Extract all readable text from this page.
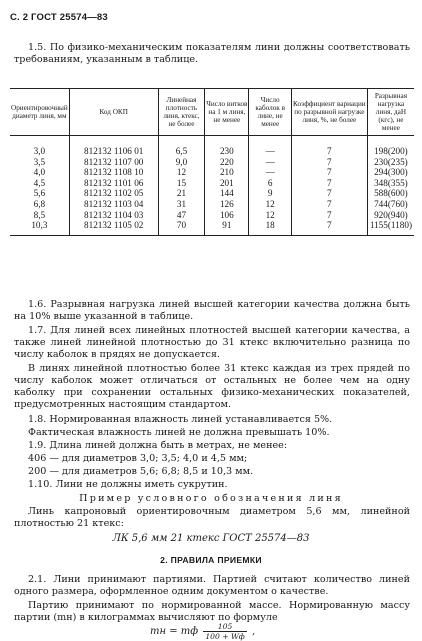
С. 2 ГОСТ 25574—83

1.5. По физико-механическим показателям лини должны соответствовать требованиям, указанным в таблице.

Ориентировочный диаметр линя, мм	Код ОКП	Линейная плотность линя, ктекс, не более	Число витков на 1 м линя, не менее	Число каболок в лине, не менее	Коэффициент вариации по разрывной нагрузке линя, %, не более	Разрывная нагрузка линя, даН (кгс), не менее
3,0	812132 1106 01	6,5	230	—	7	198(200)
3,5	812132 1107 00	9,0	220	—	7	230(235)
4,0	812132 1108 10	12	210	—	7	294(300)
4,5	812132 1101 06	15	201	6	7	348(355)
5,6	812132 1102 05	21	144	9	7	588(600)
6,8	812132 1103 04	31	126	12	7	744(760)
8,5	812132 1104 03	47	106	12	7	920(940)
10,3	812132 1105 02	70	91	18	7	1155(1180)

1.6. Разрывная нагрузка линей высшей категории качества должна быть на 10% выше указанной в таблице.

1.7. Для линей всех линейных плотностей высшей категории качества, а также линей линейной плотностью до 31 ктекс включительно разница по числу каболок в прядях не допускается.

В линях линейной плотностью более 31 ктекс каждая из трех прядей по числу каболок может отличаться от остальных не более чем на одну каболку при сохранении остальных физико-механических показателей, предусмотренных настоящим стандартом.

1.8. Нормированная влажность линей устанавливается 5%.

Фактическая влажность линей не должна превышать 10%.

1.9. Длина линей должна быть в метрах, не менее:

406 — для диаметров 3,0; 3,5; 4,0 и 4,5 мм;

200 — для диаметров 5,6; 6,8; 8,5 и 10,3 мм.

1.10. Лини не должны иметь сукрутин.

Пример условного обозначения линя

Линь капроновый ориентировочным диаметром 5,6 мм, линейной плотностью 21 ктекс:

ЛК 5,6 мм 21 ктекс ГОСТ 25574—83
2. ПРАВИЛА ПРИЕМКИ

2.1. Лини принимают партиями. Партией считают количество линей одного размера, оформленное одним документом о качестве.

Партию принимают по нормированной массе. Нормированную массу партии (mн) в килограммах вычисляют по формуле

mн = mф $\frac{105}{100 + Wф}$ ,
